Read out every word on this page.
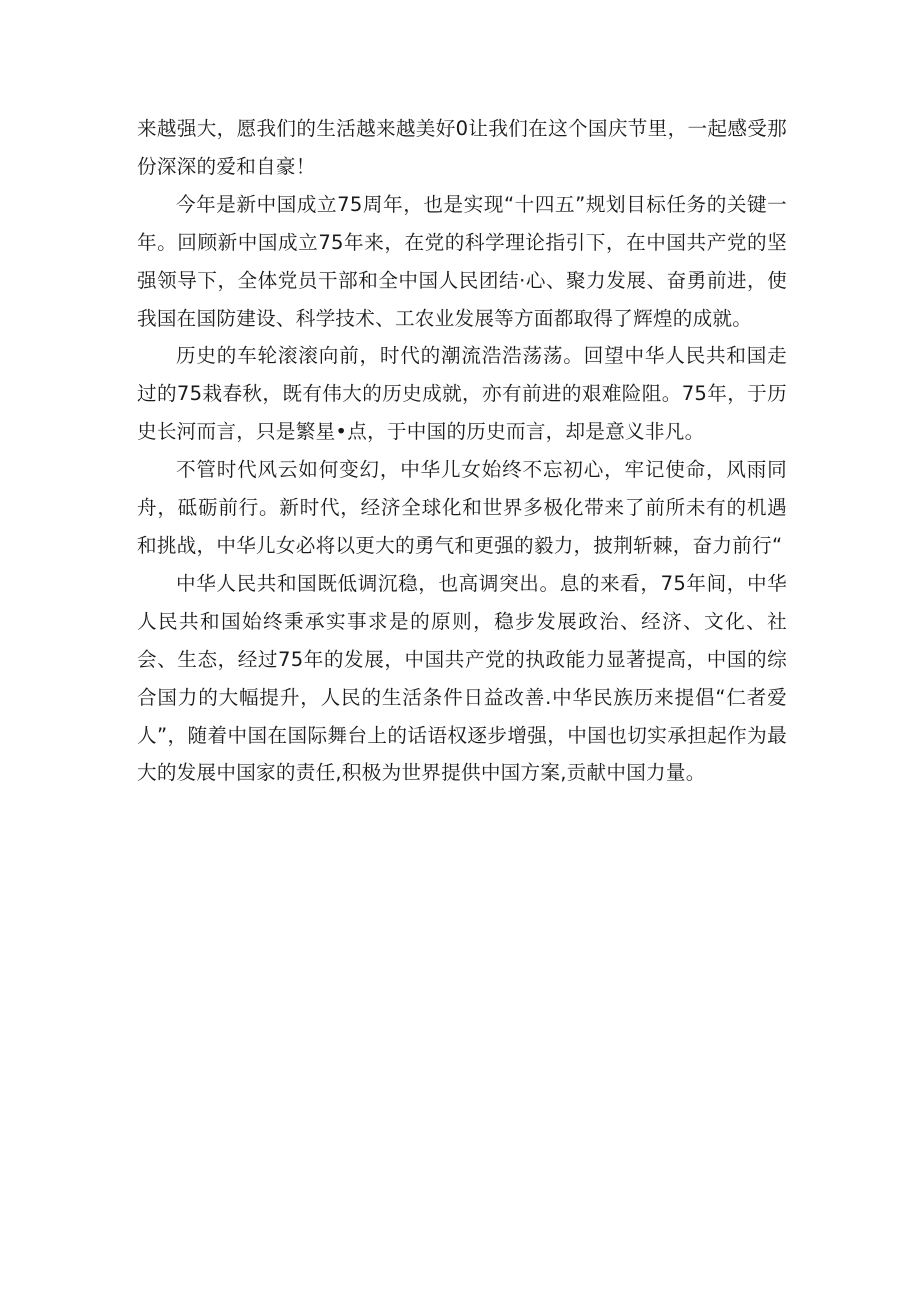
来越强大，愿我们的生活越来越美好0让我们在这个国庆节里，一起感受那份深深的爱和自豪！

今年是新中国成立75周年，也是实现“十四五”规划目标任务的关键一年。回顾新中国成立75年来，在党的科学理论指引下，在中国共产党的坚强领导下，全体党员干部和全中国人民团结·心、聚力发展、奋勇前进，使我国在国防建设、科学技术、工农业发展等方面都取得了辉煌的成就。

历史的车轮滚滚向前，时代的潮流浩浩荡荡。回望中华人民共和国走过的75栽春秋，既有伟大的历史成就，亦有前进的艰难险阻。75年，于历史长河而言，只是繁星•点，于中国的历史而言，却是意义非凡。

不管时代风云如何变幻，中华儿女始终不忘初心，牢记使命，风雨同舟，砥砺前行。新时代，经济全球化和世界多极化带来了前所未有的机遇和挑战，中华儿女必将以更大的勇气和更强的毅力，披荆斩棘，奋力前行“

中华人民共和国既低调沉稳，也高调突出。息的来看，75年间，中华人民共和国始终秉承实事求是的原则，稳步发展政治、经济、文化、社会、生态，经过75年的发展，中国共产党的执政能力显著提高，中国的综合国力的大幅提升，人民的生活条件日益改善.中华民族历来提倡“仁者爱人”，随着中国在国际舞台上的话语权逐步增强，中国也切实承担起作为最大的发展中国家的责任,积极为世界提供中国方案,贡献中国力量。
